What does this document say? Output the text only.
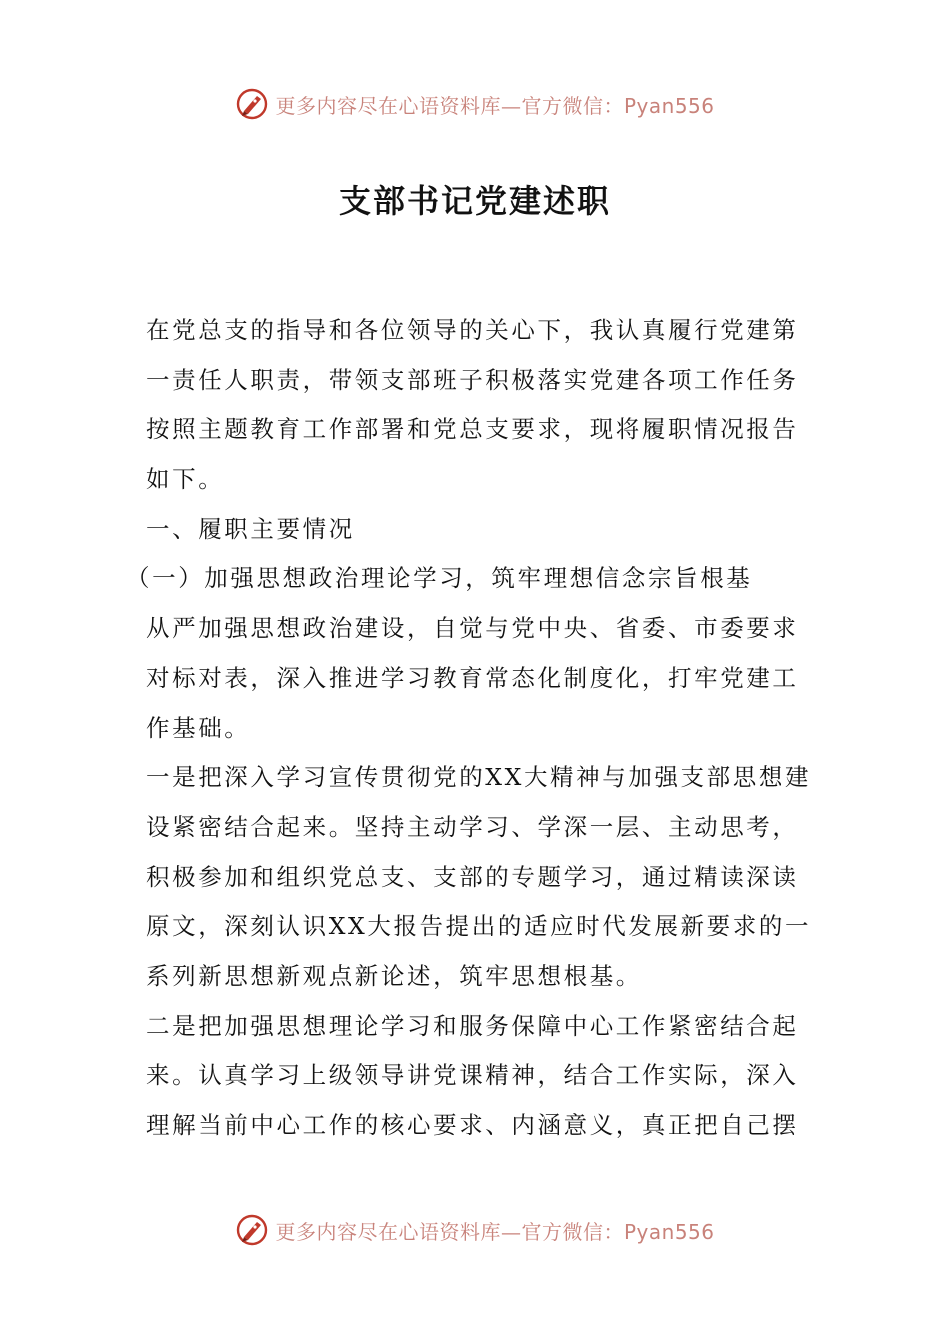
更多内容尽在心语资料库—官方微信：Pyan556
支部书记党建述职
在党总支的指导和各位领导的关心下，我认真履行党建第
一责任人职责，带领支部班子积极落实党建各项工作任务
按照主题教育工作部署和党总支要求，现将履职情况报告
如下。
一、履职主要情况
（一）加强思想政治理论学习，筑牢理想信念宗旨根基
从严加强思想政治建设，自觉与党中央、省委、市委要求
对标对表，深入推进学习教育常态化制度化，打牢党建工
作基础。
一是把深入学习宣传贯彻党的XX大精神与加强支部思想建
设紧密结合起来。坚持主动学习、学深一层、主动思考，
积极参加和组织党总支、支部的专题学习，通过精读深读
原文，深刻认识XX大报告提出的适应时代发展新要求的一
系列新思想新观点新论述，筑牢思想根基。
二是把加强思想理论学习和服务保障中心工作紧密结合起
来。认真学习上级领导讲党课精神，结合工作实际，深入
理解当前中心工作的核心要求、内涵意义，真正把自己摆
更多内容尽在心语资料库—官方微信：Pyan556
